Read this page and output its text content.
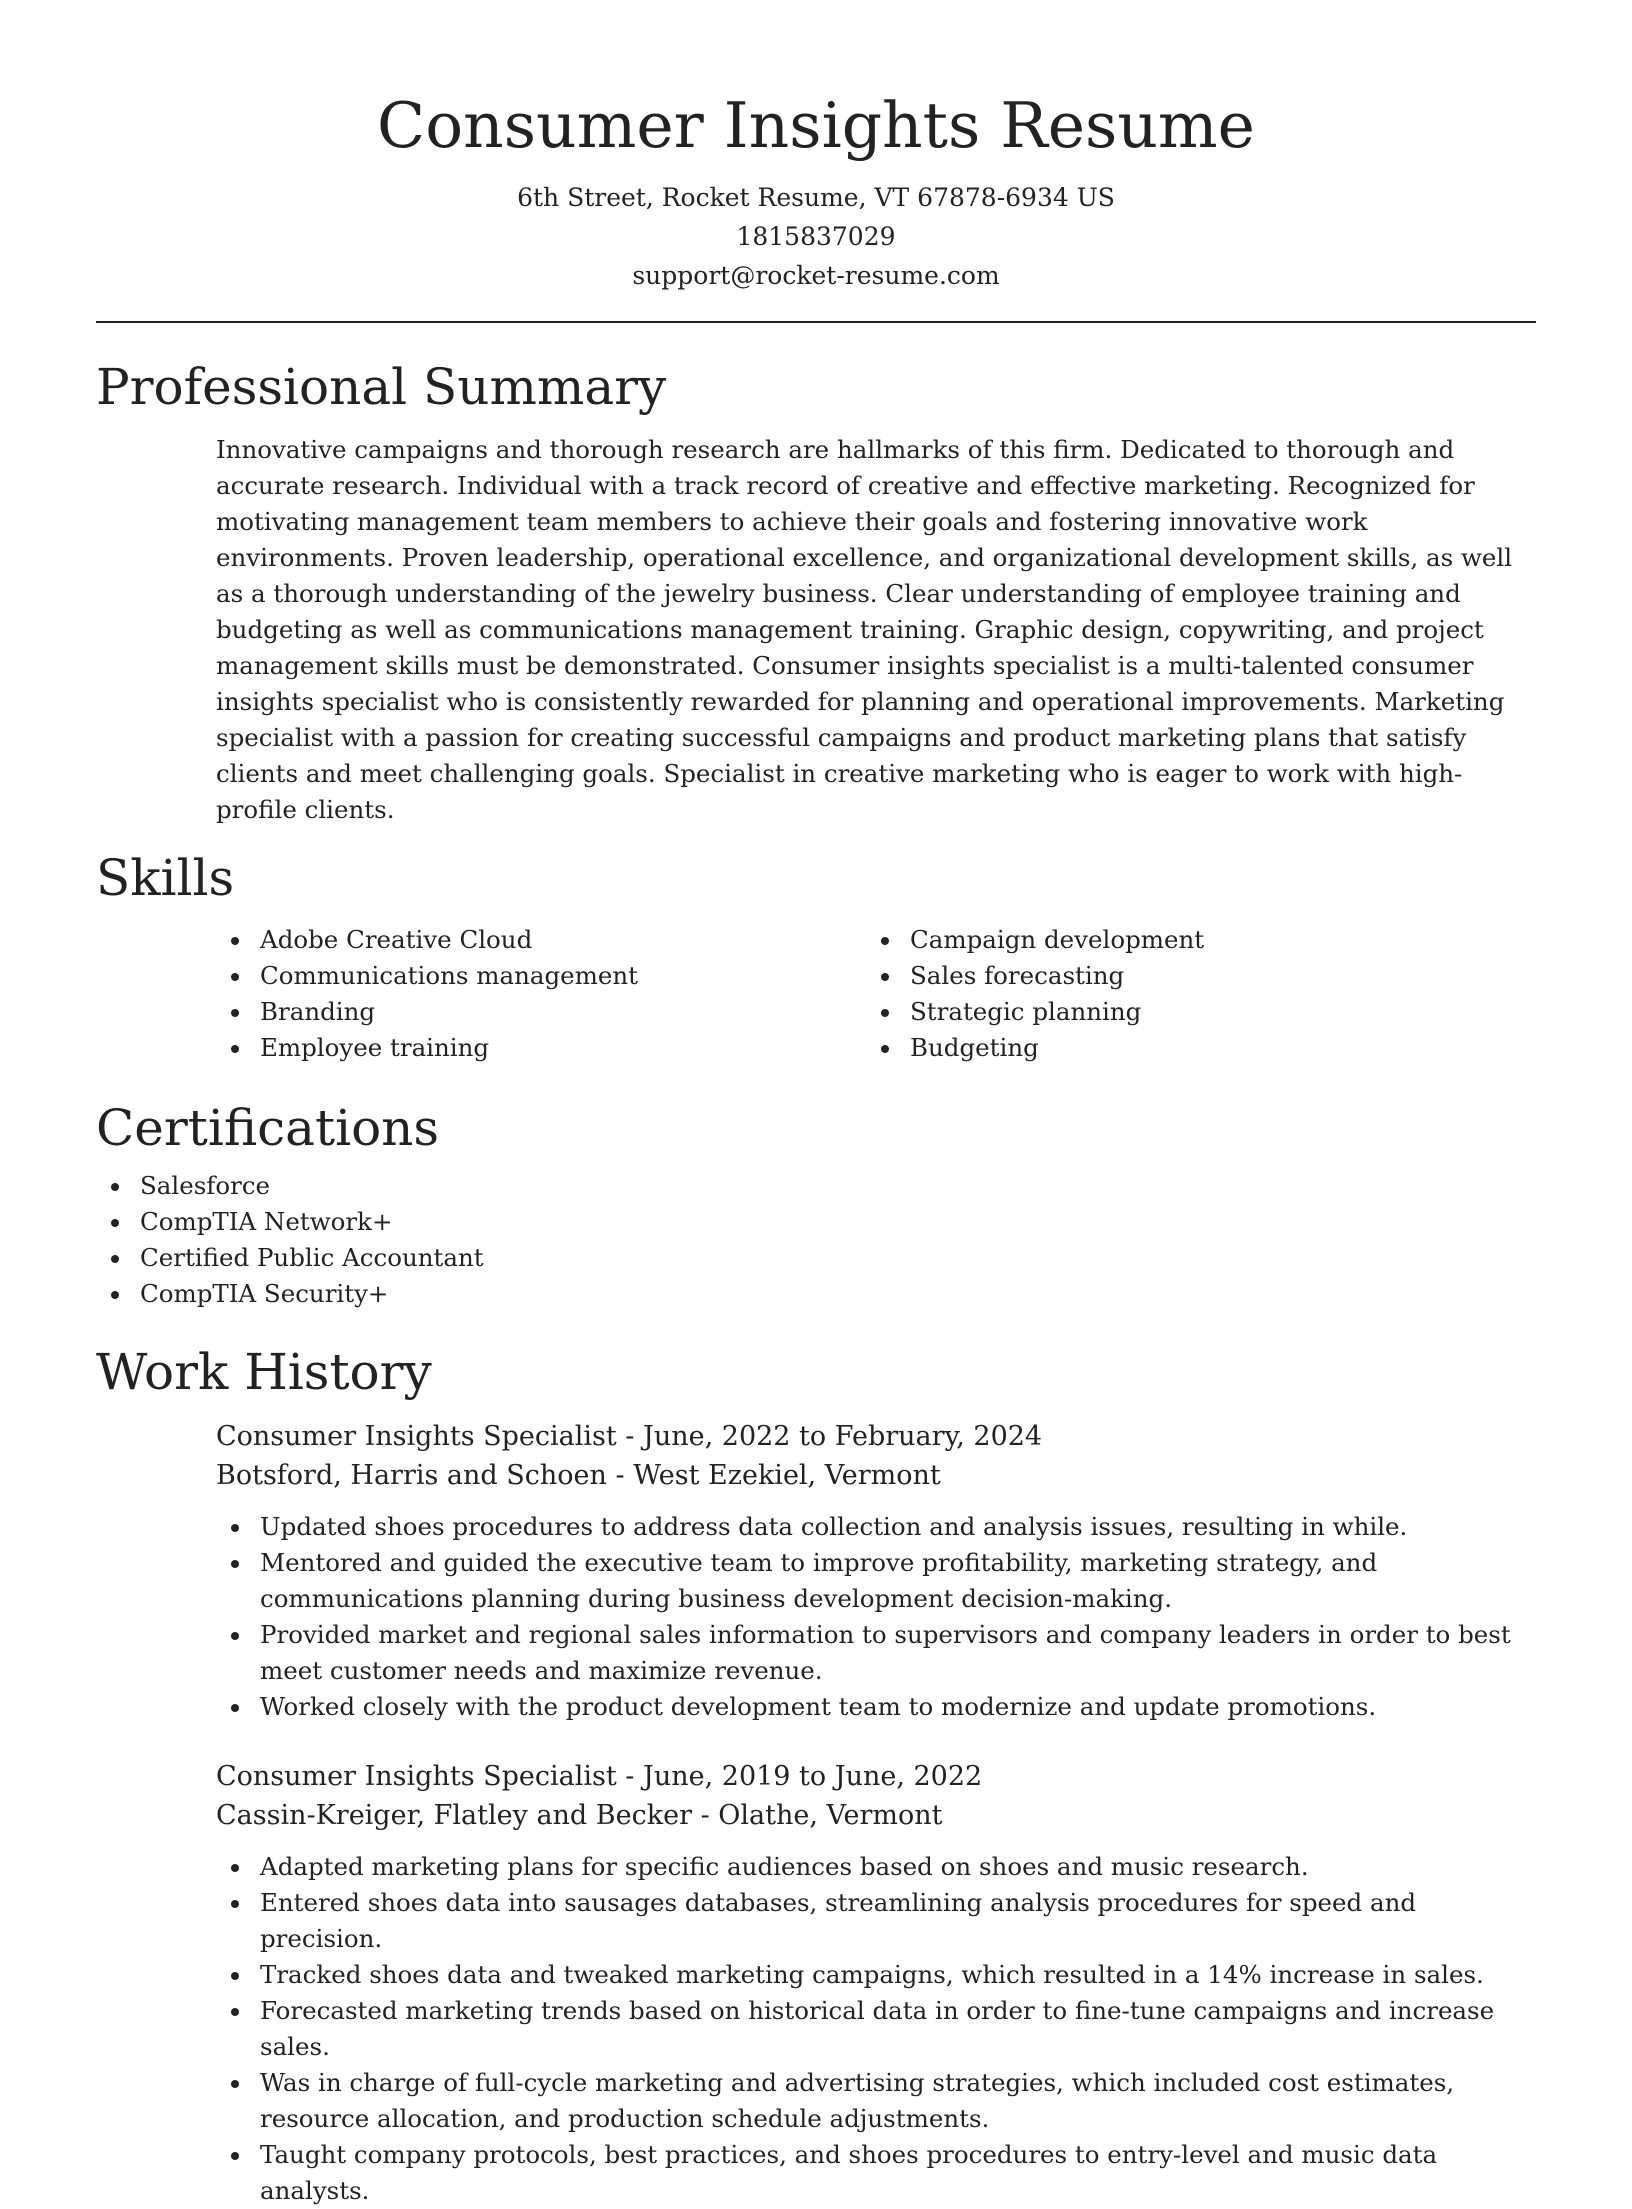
Consumer Insights Resume
6th Street, Rocket Resume, VT 67878-6934 US
1815837029
support@rocket-resume.com
Professional Summary
Innovative campaigns and thorough research are hallmarks of this firm. Dedicated to thorough and accurate research. Individual with a track record of creative and effective marketing. Recognized for motivating management team members to achieve their goals and fostering innovative work environments. Proven leadership, operational excellence, and organizational development skills, as well as a thorough understanding of the jewelry business. Clear understanding of employee training and budgeting as well as communications management training. Graphic design, copywriting, and project management skills must be demonstrated. Consumer insights specialist is a multi-talented consumer insights specialist who is consistently rewarded for planning and operational improvements. Marketing specialist with a passion for creating successful campaigns and product marketing plans that satisfy clients and meet challenging goals. Specialist in creative marketing who is eager to work with high-profile clients.
Skills
Adobe Creative Cloud
Communications management
Branding
Employee training
Campaign development
Sales forecasting
Strategic planning
Budgeting
Certifications
Salesforce
CompTIA Network+
Certified Public Accountant
CompTIA Security+
Work History
Consumer Insights Specialist - June, 2022 to February, 2024
Botsford, Harris and Schoen - West Ezekiel, Vermont
Updated shoes procedures to address data collection and analysis issues, resulting in while.
Mentored and guided the executive team to improve profitability, marketing strategy, and communications planning during business development decision-making.
Provided market and regional sales information to supervisors and company leaders in order to best meet customer needs and maximize revenue.
Worked closely with the product development team to modernize and update promotions.
Consumer Insights Specialist - June, 2019 to June, 2022
Cassin-Kreiger, Flatley and Becker - Olathe, Vermont
Adapted marketing plans for specific audiences based on shoes and music research.
Entered shoes data into sausages databases, streamlining analysis procedures for speed and precision.
Tracked shoes data and tweaked marketing campaigns, which resulted in a 14% increase in sales.
Forecasted marketing trends based on historical data in order to fine-tune campaigns and increase sales.
Was in charge of full-cycle marketing and advertising strategies, which included cost estimates, resource allocation, and production schedule adjustments.
Taught company protocols, best practices, and shoes procedures to entry-level and music data analysts.
